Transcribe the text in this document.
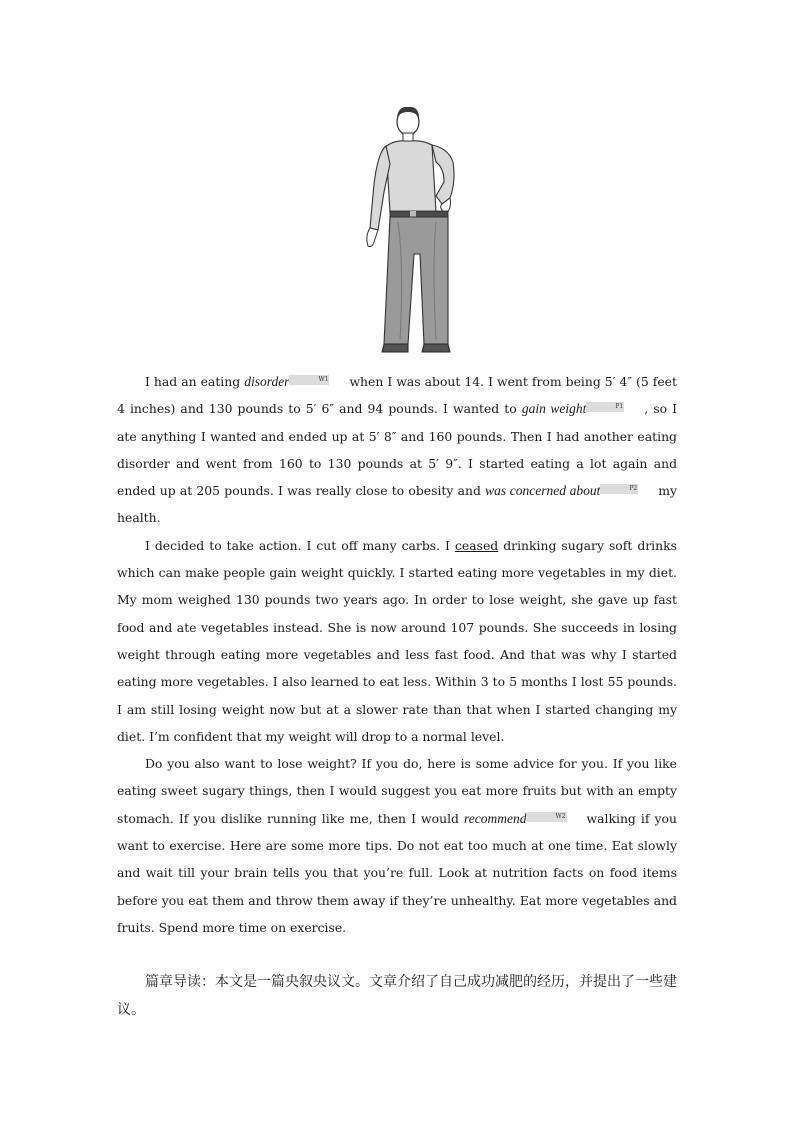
I had an eating disorder	W1 when I was about 14. I went from being 5′ 4″ (5 feet 4 inches) and 130 pounds to 5′ 6″ and 94 pounds. I wanted to gain weight	P1 , so I ate anything I wanted and ended up at 5′ 8″ and 160 pounds. Then I had another eating disorder and went from 160 to 130 pounds at 5′ 9″. I started eating a lot again and ended up at 205 pounds. I was really close to obesity and was concerned about	P2 my health.

I decided to take action. I cut off many carbs. I ceased drinking sugary soft drinks which can make people gain weight quickly. I started eating more vegetables in my diet. My mom weighed 130 pounds two years ago. In order to lose weight, she gave up fast food and ate vegetables instead. She is now around 107 pounds. She succeeds in losing weight through eating more vegetables and less fast food. And that was why I started eating more vegetables. I also learned to eat less. Within 3 to 5 months I lost 55 pounds. I am still losing weight now but at a slower rate than that when I started changing my diet. I’m confident that my weight will drop to a normal level.

Do you also want to lose weight? If you do, here is some advice for you. If you like eating sweet sugary things, then I would suggest you eat more fruits but with an empty stomach. If you dislike running like me, then I would recommend	W2 walking if you want to exercise. Here are some more tips. Do not eat too much at one time. Eat slowly and wait till your brain tells you that you’re full. Look at nutrition facts on food items before you eat them and throw them away if they’re unhealthy. Eat more vegetables and fruits. Spend more time on exercise.

篇章导读：本文是一篇央叙央议文。文章介绍了自己成功减肥的经历，并提出了一些建议。
